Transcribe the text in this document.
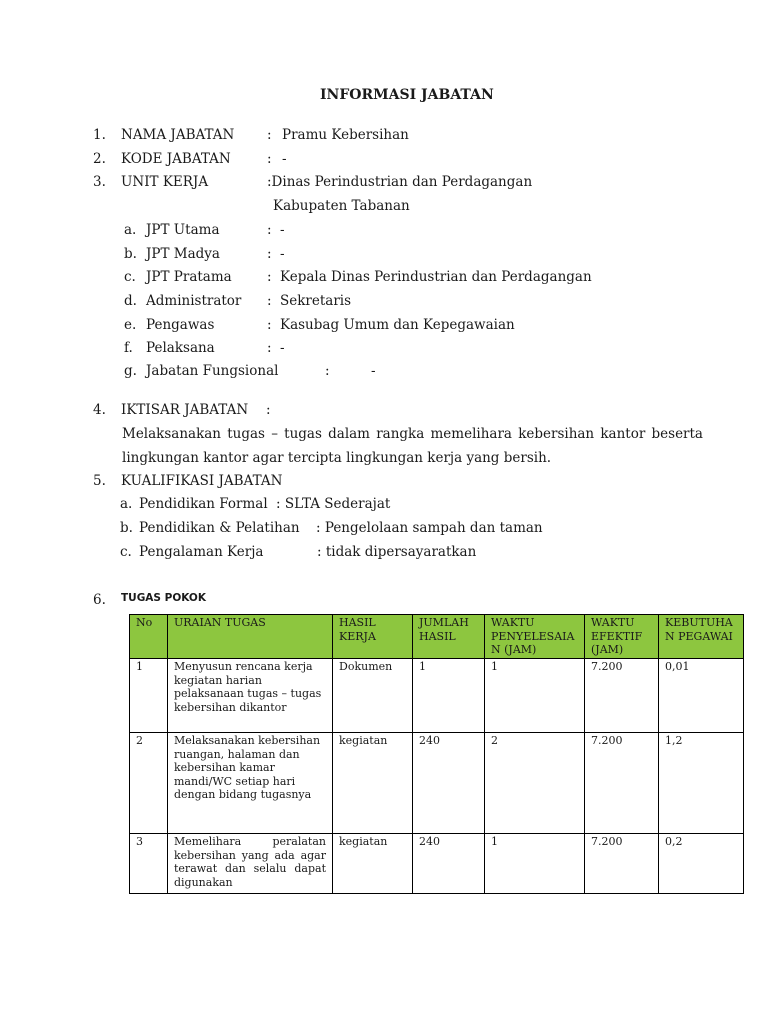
INFORMASI JABATAN
1. NAMA JABATAN : Pramu Kebersihan
2. KODE JABATAN	: -
3. UNIT KERJA	:Dinas Perindustrian dan Perdagangan
Kabupaten Tabanan
a. JPT Utama	: -
b. JPT Madya	: -
c. JPT Pratama	: Kepala Dinas Perindustrian dan Perdagangan
d. Administrator : Sekretaris
e. Pengawas	: Kasubag Umum dan Kepegawaian
f. Pelaksana	: -
g. Jabatan Fungsional	:	-
4. IKTISAR JABATAN :
Melaksanakan tugas – tugas dalam rangka memelihara kebersihan kantor beserta
lingkungan kantor agar tercipta lingkungan kerja yang bersih.
5. KUALIFIKASI JABATAN
a. Pendidikan Formal : SLTA Sederajat
b. Pendidikan & Pelatihan : Pengelolaan sampah dan taman
c. Pengalaman Kerja	: tidak dipersayaratkan
6. TUGAS POKOK
No	URAIAN TUGAS	HASIL KERJA	JUMLAH HASIL	WAKTU PENYELESAIAN (JAM)	WAKTU EFEKTIF (JAM)	KEBUTUHAN PEGAWAI
1	Menyusun rencana kerja kegiatan harian pelaksanaan tugas – tugas kebersihan dikantor	Dokumen	1	1	7.200	0,01
2	Melaksanakan kebersihan ruangan, halaman dan kebersihan kamar mandi/WC setiap hari dengan bidang tugasnya	kegiatan	240	2	7.200	1,2
3	Memelihara peralatan kebersihan yang ada agar terawat dan selalu dapat digunakan	kegiatan	240	1	7.200	0,2
